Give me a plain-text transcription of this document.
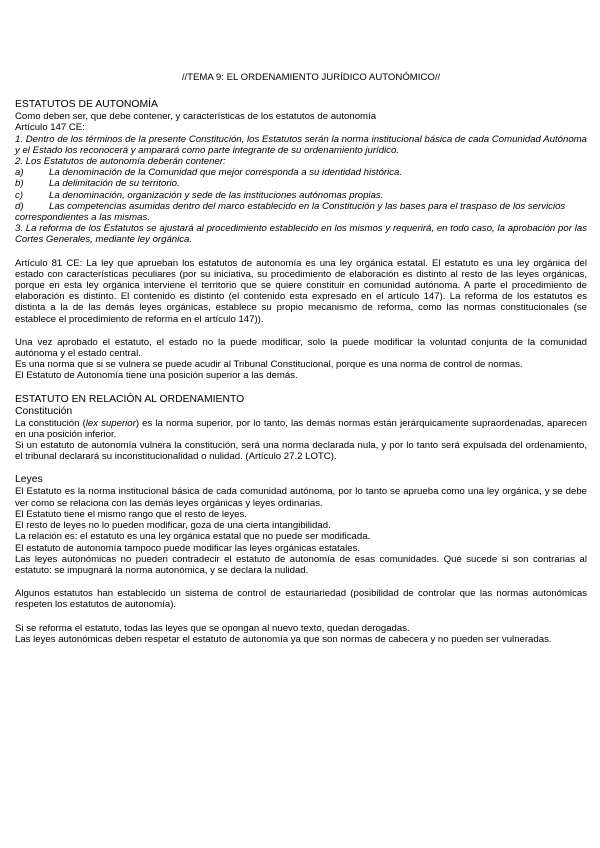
//TEMA 9: EL ORDENAMIENTO JURÍDICO AUTONÓMICO//

ESTATUTOS DE AUTONOMÍA

Como deben ser, que debe contener, y características de los estatutos de autonomía

Artículo 147 CE:

1. Dentro de los términos de la presente Constitución, los Estatutos serán la norma institucional básica de cada Comunidad Autónoma y el Estado los reconocerá y amparará como parte integrante de su ordenamiento jurídico.

2. Los Estatutos de autonomía deberán contener:

a)	La denominación de la Comunidad que mejor corresponda a su identidad histórica.
b)	La delimitación de su territorio.
c)	La denominación, organización y sede de las instituciones autónomas propias.
d)	Las competencias asumidas dentro del marco establecido en la Constitución y las bases para el traspaso de los servicios correspondientes a las mismas.

3. La reforma de los Estatutos se ajustará al procedimiento establecido en los mismos y requerirá, en todo caso, la aprobación por las Cortes Generales, mediante ley orgánica.

Artículo 81 CE: La ley que aprueban los estatutos de autonomía es una ley orgánica estatal. El estatuto es una ley orgánica del estado con características peculiares (por su iniciativa, su procedimiento de elaboración es distinto al resto de las leyes orgánicas, porque en esta ley orgánica interviene el territorio que se quiere constituir en comunidad autónoma. A parte el procedimiento de elaboración es distinto. El contenido es distinto (el contenido esta expresado en el artículo 147). La reforma de los estatutos es distinta a la de las demás leyes orgánicas, establece su propio mecanismo de reforma, como las normas constitucionales (se establece el procedimiento de reforma en el artículo 147)).

Una vez aprobado el estatuto, el estado no la puede modificar, solo la puede modificar la voluntad conjunta de la comunidad autónoma y el estado central.

Es una norma que si se vulnera se puede acudir al Tribunal Constitucional, porque es una norma de control de normas.

El Estatuto de Autonomía tiene una posición superior a las demás.

ESTATUTO EN RELACIÓN AL ORDENAMIENTO

Constitución

La constitución (lex superior) es la norma superior, por lo tanto, las demás normas están jerárquicamente supraordenadas, aparecen en una posición inferior.

Si un estatuto de autonomía vulnera la constitución, será una norma declarada nula, y por lo tanto será expulsada del ordenamiento, el tribunal declarará su inconstitucionalidad o nulidad. (Artículo 27.2 LOTC).

Leyes

El Estatuto es la norma institucional básica de cada comunidad autónoma, por lo tanto se aprueba como una ley orgánica, y se debe ver como se relaciona con las demás leyes orgánicas y leyes ordinarias.

El Estatuto tiene el mismo rango que el resto de leyes.

El resto de leyes no lo pueden modificar, goza de una cierta intangibilidad.

La relación es: el estatuto es una ley orgánica estatal que no puede ser modificada.

El estatuto de autonomía tampoco puede modificar las leyes orgánicas estatales.

Las leyes autonómicas no pueden contradecir el estatuto de autonomía de esas comunidades. Qué sucede si son contrarias al estatuto: se impugnará la norma autonómica, y se declara la nulidad.

Algunos estatutos han establecido un sistema de control de estauriariedad (posibilidad de controlar que las normas autonómicas respeten los estatutos de autonomía).

Si se reforma el estatuto, todas las leyes que se opongan al nuevo texto, quedan derogadas.

Las leyes autonómicas deben respetar el estatuto de autonomía ya que son normas de cabecera y no pueden ser vulneradas.
